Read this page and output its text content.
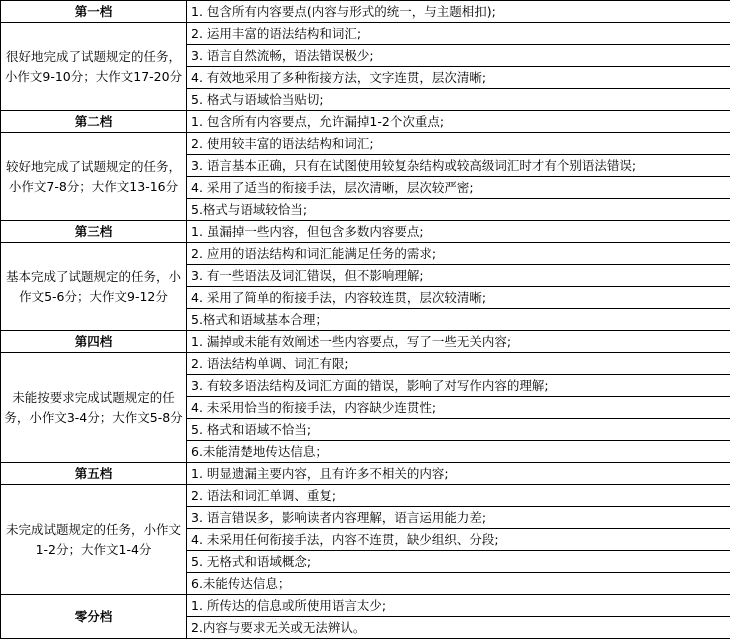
第一档	1. 包含所有内容要点(内容与形式的统一，与主题相扣);
很好地完成了试题规定的任务，小作文9-10分；大作文17-20分	2. 运用丰富的语法结构和词汇;
	3. 语言自然流畅，语法错误极少;
	4. 有效地采用了多种衔接方法，文字连贯，层次清晰;
	5. 格式与语域恰当贴切;
第二档	1. 包含所有内容要点，允许漏掉1-2个次重点;
较好地完成了试题规定的任务，小作文7-8分；大作文13-16分	2. 使用较丰富的语法结构和词汇;
	3. 语言基本正确，只有在试图使用较复杂结构或较高级词汇时才有个别语法错误;
	4. 采用了适当的衔接手法，层次清晰，层次较严密;
	5.格式与语域较恰当;
第三档	1. 虽漏掉一些内容，但包含多数内容要点;
基本完成了试题规定的任务，小作文5-6分；大作文9-12分	2. 应用的语法结构和词汇能满足任务的需求;
	3. 有一些语法及词汇错误，但不影响理解;
	4. 采用了简单的衔接手法，内容较连贯，层次较清晰;
	5.格式和语域基本合理；
第四档	1. 漏掉或未能有效阐述一些内容要点，写了一些无关内容;
未能按要求完成试题规定的任务，小作文3-4分；大作文5-8分	2. 语法结构单调、词汇有限;
	3. 有较多语法结构及词汇方面的错误，影响了对写作内容的理解;
	4. 未采用恰当的衔接手法，内容缺少连贯性;
	5. 格式和语域不恰当;
	6.未能清楚地传达信息；
第五档	1. 明显遗漏主要内容，且有许多不相关的内容;
未完成试题规定的任务，小作文1-2分；大作文1-4分	2. 语法和词汇单调、重复;
	3. 语言错误多，影响读者内容理解，语言运用能力差;
	4. 未采用任何衔接手法，内容不连贯，缺少组织、分段;
	5. 无格式和语域概念;
	6.未能传达信息；
零分档	1. 所传达的信息或所使用语言太少;
	2.内容与要求无关或无法辨认。
